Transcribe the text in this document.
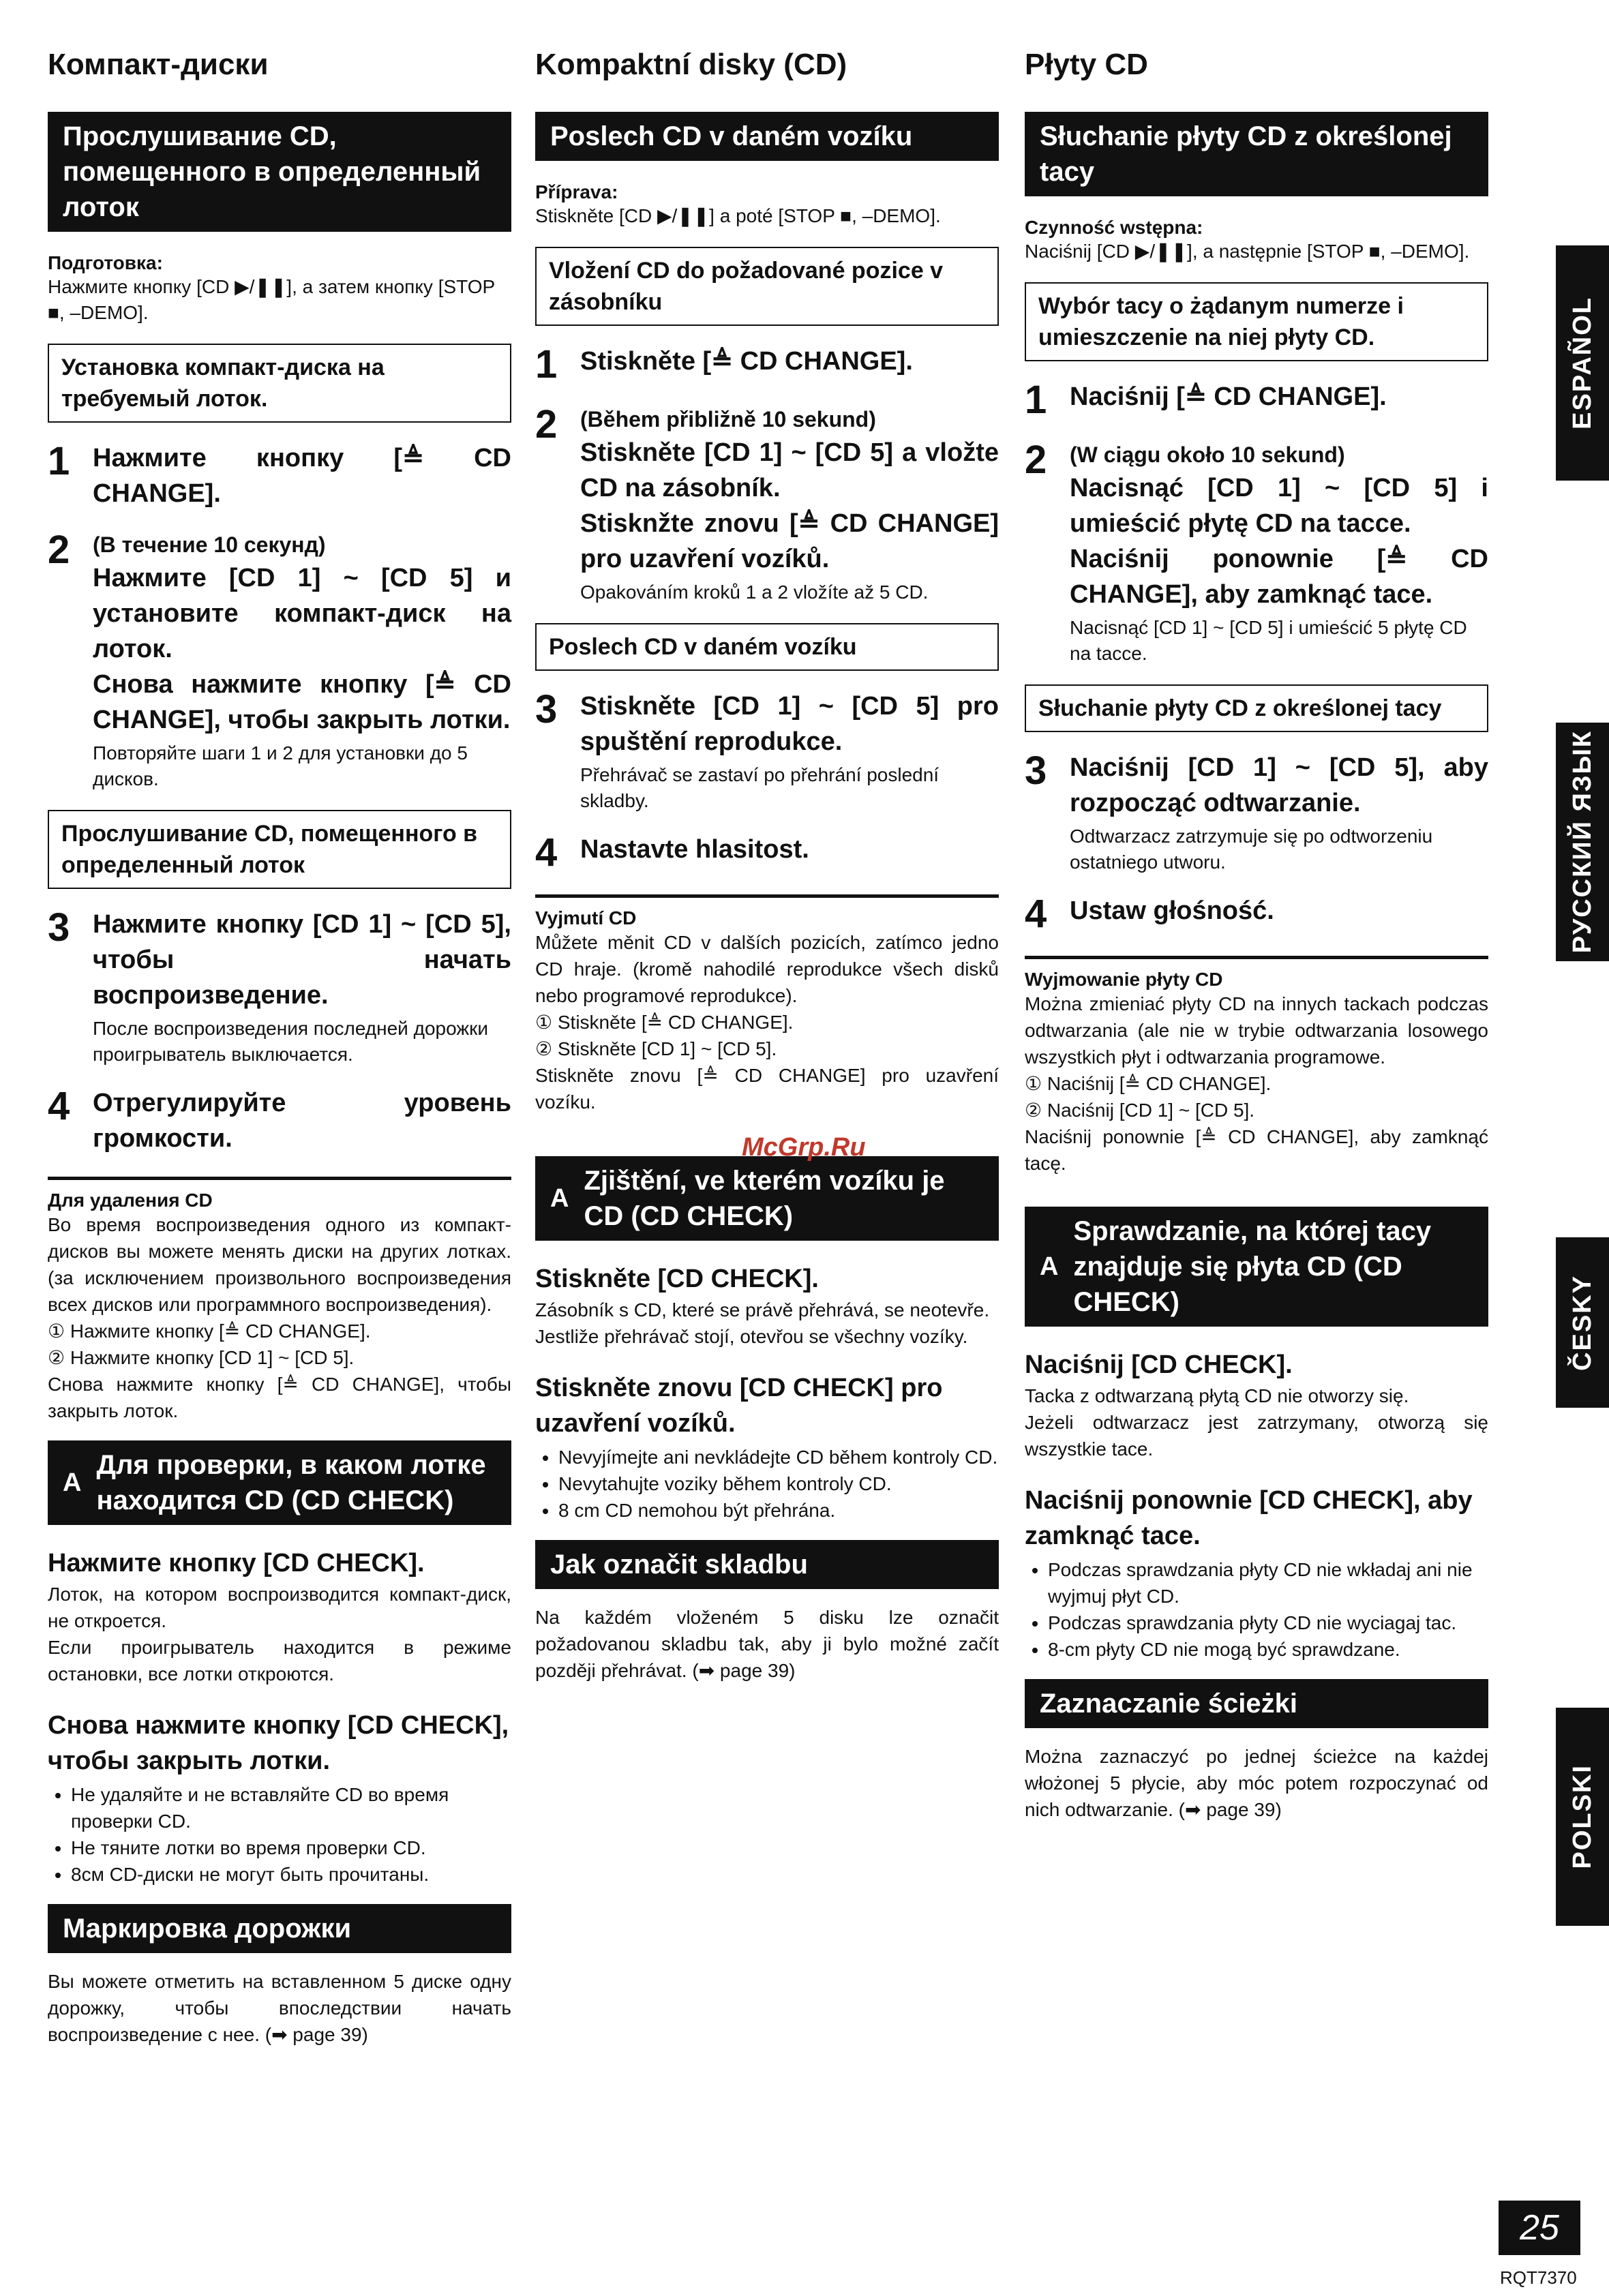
Компакт-диски
Прослушивание CD, помещенного в определенный лоток
Подготовка:
Нажмите кнопку [CD ▶/❚❚], а затем кнопку [STOP ■, –DEMO].
Установка компакт-диска на требуемый лоток.
1 Нажмите кнопку [≜ CD CHANGE].
2	(В течение 10 секунд)
Нажмите [CD 1] ~ [CD 5] и установите компакт-диск на лоток.
Снова нажмите кнопку [≜ CD CHANGE], чтобы закрыть лотки.
Повторяйте шаги 1 и 2 для установки до 5 дисков.
Прослушивание CD, помещенного в определенный лоток
3 Нажмите кнопку [CD 1] ~ [CD 5], чтобы начать воспроизведение.
После воспроизведения последней дорожки проигрыватель выключается.
4 Отрегулируйте уровень громкости.
Для удаления CD
Во время воспроизведения одного из компакт-дисков вы можете менять диски на других лотках. (за исключением произвольного воспроизведения всех дисков или программного воспроизведения).
① Нажмите кнопку [≜ CD CHANGE].
② Нажмите кнопку [CD 1] ~ [CD 5].
Снова нажмите кнопку [≜ CD CHANGE], чтобы закрыть лоток.
A
Для проверки, в каком лотке находится CD (CD CHECK)
Нажмите кнопку [CD CHECK].
Лоток, на котором воспроизводится компакт-диск, не откроется.
Если проигрыватель находится в режиме остановки, все лотки откроются.
Снова нажмите кнопку [CD CHECK], чтобы закрыть лотки.
• Не удаляйте и не вставляйте CD во время проверки CD.
• Не тяните лотки во время проверки CD.
• 8см CD-диски не могут быть прочитаны.
Маркировка дорожки
Вы можете отметить на вставленном 5 диске одну дорожку, чтобы впоследствии начать воспроизведение с нее. (➡ page 39)
Kompaktní disky (CD)
Poslech CD v daném vozíku
Příprava:
Stiskněte [CD ▶/❚❚] a poté [STOP ■, –DEMO].
Vložení CD do požadované pozice v zásobníku
1 Stiskněte [≜ CD CHANGE].
2	(Během přibližně 10 sekund)
Stiskněte [CD 1] ~ [CD 5] a vložte CD na zásobník.
Stisknžte znovu [≜ CD CHANGE] pro uzavření vozíků.
Opakováním kroků 1 a 2 vložíte až 5 CD.
Poslech CD v daném vozíku
3 Stiskněte [CD 1] ~ [CD 5] pro spuštění reprodukce.
Přehrávač se zastaví po přehrání poslední skladby.
4 Nastavte hlasitost.
Vyjmutí CD
Můžete měnit CD v dalších pozicích, zatímco jedno CD hraje. (kromě nahodilé reprodukce všech disků nebo programové reprodukce).
① Stiskněte [≜ CD CHANGE].
② Stiskněte [CD 1] ~ [CD 5].
Stiskněte znovu [≜ CD CHANGE] pro uzavření vozíku.
A
Zjištění, ve kterém vozíku je CD (CD CHECK)
Stiskněte [CD CHECK].
Zásobník s CD, které se právě přehrává, se neotevře.
Jestliže přehrávač stojí, otevřou se všechny vozíky.
Stiskněte znovu [CD CHECK] pro uzavření vozíků.
• Nevyjímejte ani nevkládejte CD během kontroly CD.
• Nevytahujte voziky během kontroly CD.
• 8 cm CD nemohou být přehrána.
Jak označit skladbu
Na každém vloženém 5 disku lze označit požadovanou skladbu tak, aby ji bylo možné začít později přehrávat. (➡ page 39)
Płyty CD
Słuchanie płyty CD z określonej tacy
Czynność wstępna:
Naciśnij [CD ▶/❚❚], a następnie [STOP ■, –DEMO].
Wybór tacy o żądanym numerze i umieszczenie na niej płyty CD.
1 Naciśnij [≜ CD CHANGE].
2	(W ciągu około 10 sekund)
Nacisnąć [CD 1] ~ [CD 5] i umieścić płytę CD na tacce.
Naciśnij ponownie [≜ CD CHANGE], aby zamknąć tace.
Nacisnąć [CD 1] ~ [CD 5] i umieścić 5 płytę CD na tacce.
Słuchanie płyty CD z określonej tacy
3 Naciśnij [CD 1] ~ [CD 5], aby rozpocząć odtwarzanie.
Odtwarzacz zatrzymuje się po odtworzeniu ostatniego utworu.
4 Ustaw głośność.
Wyjmowanie płyty CD
Można zmieniać płyty CD na innych tackach podczas odtwarzania (ale nie w trybie odtwarzania losowego wszystkich płyt i odtwarzania programowe.
① Naciśnij [≜ CD CHANGE].
② Naciśnij [CD 1] ~ [CD 5].
Naciśnij ponownie [≜ CD CHANGE], aby zamknąć tacę.
A
Sprawdzanie, na której tacy znajduje się płyta CD (CD CHECK)
Naciśnij [CD CHECK].
Tacka z odtwarzaną płytą CD nie otworzy się.
Jeżeli odtwarzacz jest zatrzymany, otworzą się wszystkie tace.
Naciśnij ponownie [CD CHECK], aby zamknąć tace.
• Podczas sprawdzania płyty CD nie wkładaj ani nie wyjmuj płyt CD.
• Podczas sprawdzania płyty CD nie wyciagaj tac.
• 8-cm płyty CD nie mogą być sprawdzane.
Zaznaczanie ścieżki
Można zaznaczyć po jednej ścieżce na każdej włożonej 5 płycie, aby móc potem rozpoczynać od nich odtwarzanie. (➡ page 39)
ESPAÑOL
РУССКИЙ ЯЗЫК
ČESKY
POLSKI
McGrp.Ru
25
RQT7370
